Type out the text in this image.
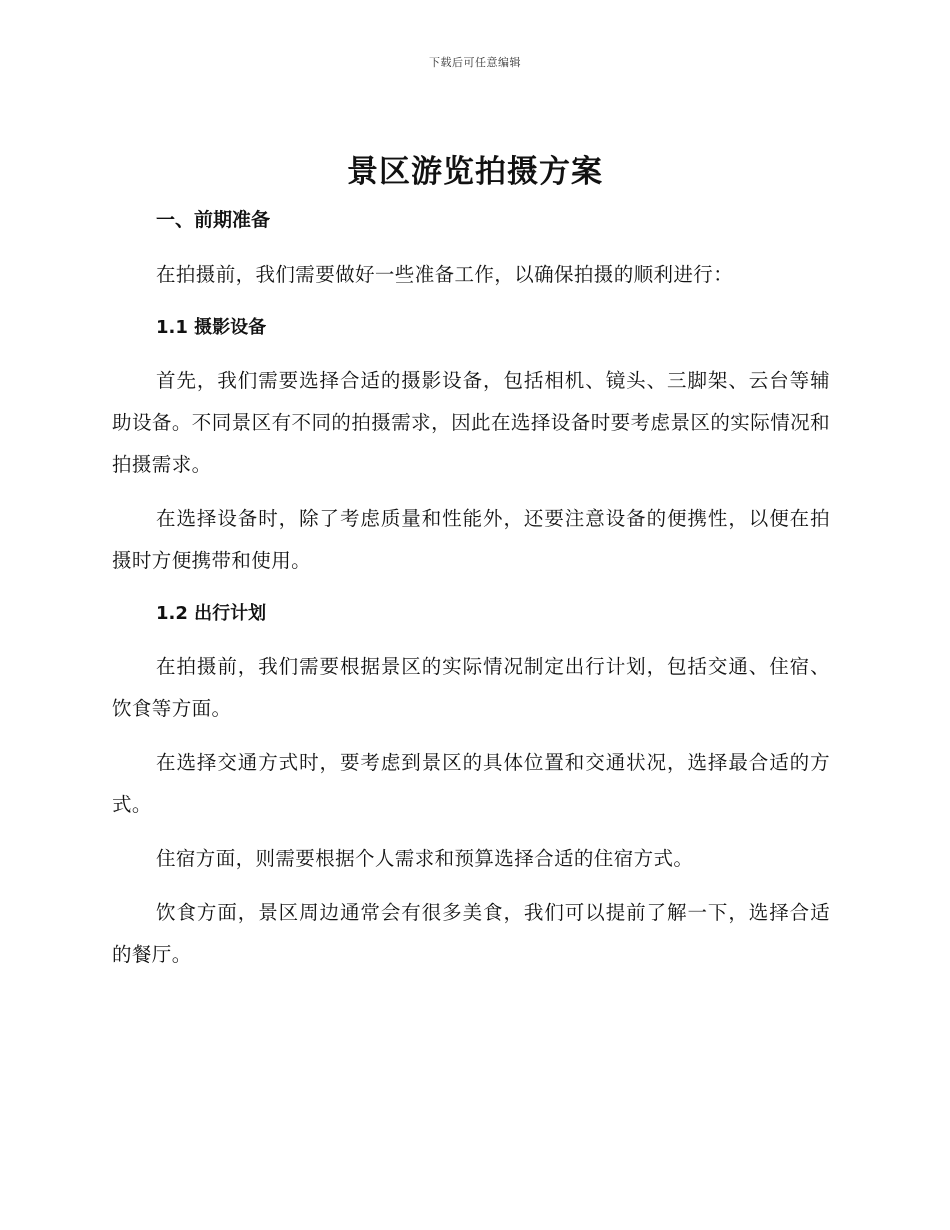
下载后可任意编辑
景区游览拍摄方案
一、前期准备

在拍摄前，我们需要做好一些准备工作，以确保拍摄的顺利进行：

1.1 摄影设备

首先，我们需要选择合适的摄影设备，包括相机、镜头、三脚架、云台等辅助设备。不同景区有不同的拍摄需求，因此在选择设备时要考虑景区的实际情况和拍摄需求。

在选择设备时，除了考虑质量和性能外，还要注意设备的便携性，以便在拍摄时方便携带和使用。

1.2 出行计划

在拍摄前，我们需要根据景区的实际情况制定出行计划，包括交通、住宿、饮食等方面。

在选择交通方式时，要考虑到景区的具体位置和交通状况，选择最合适的方式。

住宿方面，则需要根据个人需求和预算选择合适的住宿方式。

饮食方面，景区周边通常会有很多美食，我们可以提前了解一下，选择合适的餐厅。
